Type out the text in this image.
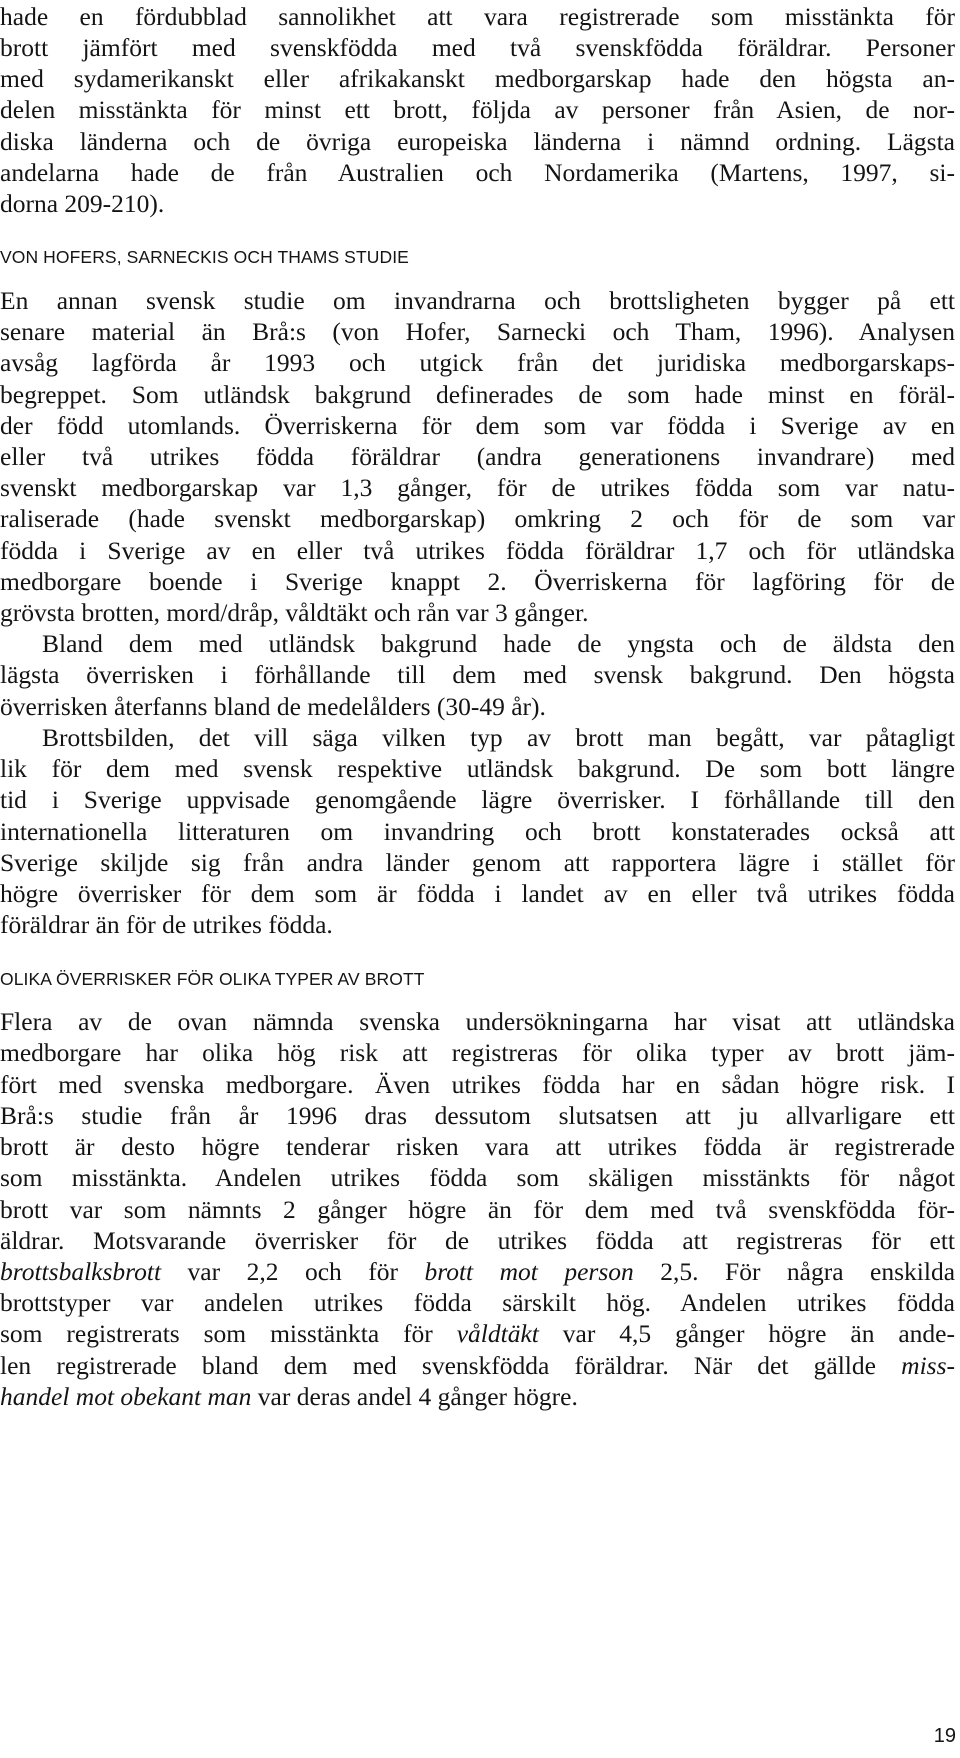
hade en fördubblad sannolikhet att vara registrerade som misstänkta för
brott jämfört med svenskfödda med två svenskfödda föräldrar. Personer
med sydamerikanskt eller afrikakanskt medborgarskap hade den högsta an-
delen misstänkta för minst ett brott, följda av personer från Asien, de nor-
diska länderna och de övriga europeiska länderna i nämnd ordning. Lägsta
andelarna hade de från Australien och Nordamerika (Martens, 1997, si-
dorna 209-210).
VON HOFERS, SARNECKIS OCH THAMS STUDIE
En annan svensk studie om invandrarna och brottsligheten bygger på ett
senare material än Brå:s (von Hofer, Sarnecki och Tham, 1996). Analysen
avsåg lagförda år 1993 och utgick från det juridiska medborgarskaps-
begreppet. Som utländsk bakgrund definerades de som hade minst en föräl-
der född utomlands. Överriskerna för dem som var födda i Sverige av en
eller två utrikes födda föräldrar (andra generationens invandrare) med
svenskt medborgarskap var 1,3 gånger, för de utrikes födda som var natu-
raliserade (hade svenskt medborgarskap) omkring 2 och för de som var
födda i Sverige av en eller två utrikes födda föräldrar 1,7 och för utländska
medborgare boende i Sverige knappt 2. Överriskerna för lagföring för de
grövsta brotten, mord/dråp, våldtäkt och rån var 3 gånger.
Bland dem med utländsk bakgrund hade de yngsta och de äldsta den
lägsta överrisken i förhållande till dem med svensk bakgrund. Den högsta
överrisken återfanns bland de medelålders (30-49 år).
Brottsbilden, det vill säga vilken typ av brott man begått, var påtagligt
lik för dem med svensk respektive utländsk bakgrund. De som bott längre
tid i Sverige uppvisade genomgående lägre överrisker. I förhållande till den
internationella litteraturen om invandring och brott konstaterades också att
Sverige skiljde sig från andra länder genom att rapportera lägre i stället för
högre överrisker för dem som är födda i landet av en eller två utrikes födda
föräldrar än för de utrikes födda.
OLIKA ÖVERRISKER FÖR OLIKA TYPER AV BROTT
Flera av de ovan nämnda svenska undersökningarna har visat att utländska
medborgare har olika hög risk att registreras för olika typer av brott jäm-
fört med svenska medborgare. Även utrikes födda har en sådan högre risk. I
Brå:s studie från år 1996 dras dessutom slutsatsen att ju allvarligare ett
brott är desto högre tenderar risken vara att utrikes födda är registrerade
som misstänkta. Andelen utrikes födda som skäligen misstänkts för något
brott var som nämnts 2 gånger högre än för dem med två svenskfödda för-
äldrar. Motsvarande överrisker för de utrikes födda att registreras för ett
brottsbalksbrott var 2,2 och för brott mot person 2,5. För några enskilda
brottstyper var andelen utrikes födda särskilt hög. Andelen utrikes födda
som registrerats som misstänkta för våldtäkt var 4,5 gånger högre än ande-
len registrerade bland dem med svenskfödda föräldrar. När det gällde miss-
handel mot obekant man var deras andel 4 gånger högre.
19
